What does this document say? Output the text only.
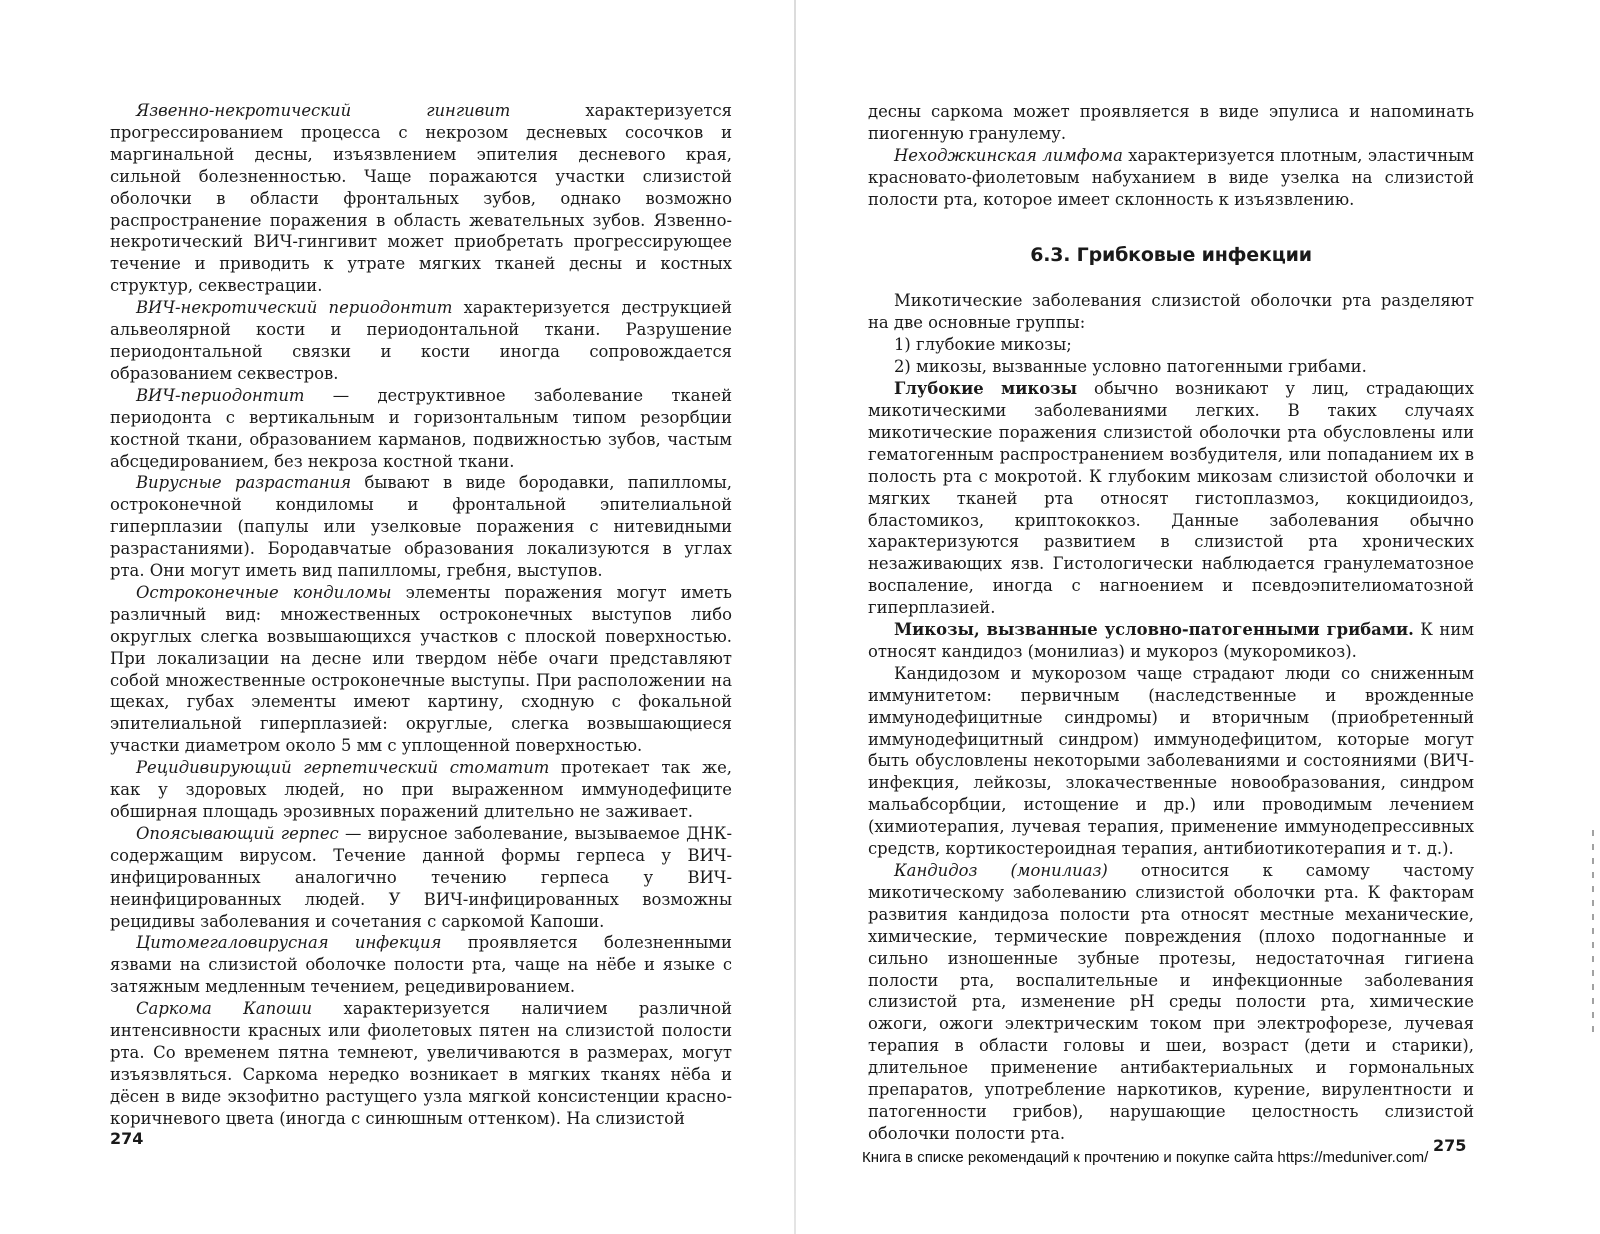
Язвенно-некротический гингивит характеризуется прогрессированием процесса с некрозом десневых сосочков и маргинальной десны, изъязвлением эпителия десневого края, сильной болезненностью. Чаще поражаются участки слизистой оболочки в области фронтальных зубов, однако возможно распространение поражения в область жевательных зубов. Язвенно-некротический ВИЧ-гингивит может приобретать прогрессирующее течение и приводить к утрате мягких тканей десны и костных структур, секвестрации.

ВИЧ-некротический периодонтит характеризуется деструкцией альвеолярной кости и периодонтальной ткани. Разрушение периодонтальной связки и кости иногда сопровождается образованием секвестров.

ВИЧ-периодонтит — деструктивное заболевание тканей периодонта с вертикальным и горизонтальным типом резорбции костной ткани, образованием карманов, подвижностью зубов, частым абсцедированием, без некроза костной ткани.

Вирусные разрастания бывают в виде бородавки, папилломы, остроконечной кондиломы и фронтальной эпителиальной гиперплазии (папулы или узелковые поражения с нитевидными разрастаниями). Бородавчатые образования локализуются в углах рта. Они могут иметь вид папилломы, гребня, выступов.

Остроконечные кондиломы элементы поражения могут иметь различный вид: множественных остроконечных выступов либо округлых слегка возвышающихся участков с плоской поверхностью. При локализации на десне или твердом нёбе очаги представляют собой множественные остроконечные выступы. При расположении на щеках, губах элементы имеют картину, сходную с фокальной эпителиальной гиперплазией: округлые, слегка возвышающиеся участки диаметром около 5 мм с уплощенной поверхностью.

Рецидивирующий герпетический стоматит протекает так же, как у здоровых людей, но при выраженном иммунодефиците обширная площадь эрозивных поражений длительно не заживает.

Опоясывающий герпес — вирусное заболевание, вызываемое ДНК-содержащим вирусом. Течение данной формы герпеса у ВИЧ-инфицированных аналогично течению герпеса у ВИЧ- неинфицированных людей. У ВИЧ-инфицированных возможны рецидивы заболевания и сочетания с саркомой Капоши.

Цитомегаловирусная инфекция проявляется болезненными язвами на слизистой оболочке полости рта, чаще на нёбе и языке с затяжным медленным течением, рецедивированием.

Саркома Капоши характеризуется наличием различной интенсивности красных или фиолетовых пятен на слизистой полости рта. Со временем пятна темнеют, увеличиваются в размерах, могут изъязвляться. Саркома нередко возникает в мягких тканях нёба и дёсен в виде экзофитно растущего узла мягкой консистенции красно-коричневого цвета (иногда с синюшным оттенком). На слизистой

десны саркома может проявляется в виде эпулиса и напоминать пиогенную гранулему.

Неходжкинская лимфома характеризуется плотным, эластичным красновато-фиолетовым набуханием в виде узелка на слизистой полости рта, которое имеет склонность к изъязвлению.

6.3. Грибковые инфекции

Микотические заболевания слизистой оболочки рта разделяют на две основные группы:

1) глубокие микозы;

2) микозы, вызванные условно патогенными грибами.

Глубокие микозы обычно возникают у лиц, страдающих микотическими заболеваниями легких. В таких случаях микотические поражения слизистой оболочки рта обусловлены или гематогенным распространением возбудителя, или попаданием их в полость рта с мокротой. К глубоким микозам слизистой оболочки и мягких тканей рта относят гистоплазмоз, кокцидиоидоз, бластомикоз, криптококкоз. Данные заболевания обычно характеризуются развитием в слизистой рта хронических незаживающих язв. Гистологически наблюдается гранулематозное воспаление, иногда с нагноением и псевдоэпителиоматозной гиперплазией.

Микозы, вызванные условно-патогенными грибами. К ним относят кандидоз (монилиаз) и мукороз (мукоромикоз).

Кандидозом и мукорозом чаще страдают люди со сниженным иммунитетом: первичным (наследственные и врожденные иммунодефицитные синдромы) и вторичным (приобретенный иммунодефицитный синдром) иммунодефицитом, которые могут быть обусловлены некоторыми заболеваниями и состояниями (ВИЧ-инфекция, лейкозы, злокачественные новообразования, синдром мальабсорбции, истощение и др.) или проводимым лечением (химиотерапия, лучевая терапия, применение иммунодепрессивных средств, кортикостероидная терапия, антибиотикотерапия и т. д.).

Кандидоз (монилиаз) относится к самому частому микотическому заболеванию слизистой оболочки рта. К факторам развития кандидоза полости рта относят местные механические, химические, термические повреждения (плохо подогнанные и сильно изношенные зубные протезы, недостаточная гигиена полости рта, воспалительные и инфекционные заболевания слизистой рта, изменение pH среды полости рта, химические ожоги, ожоги электрическим током при электрофорезе, лучевая терапия в области головы и шеи, возраст (дети и старики), длительное применение антибактериальных и гормональных препаратов, употребление наркотиков, курение, вирулентности и патогенности грибов), нарушающие целостность слизистой оболочки полости рта.

274	275
Книга в списке рекомендаций к прочтению и покупке сайта https://meduniver.com/
